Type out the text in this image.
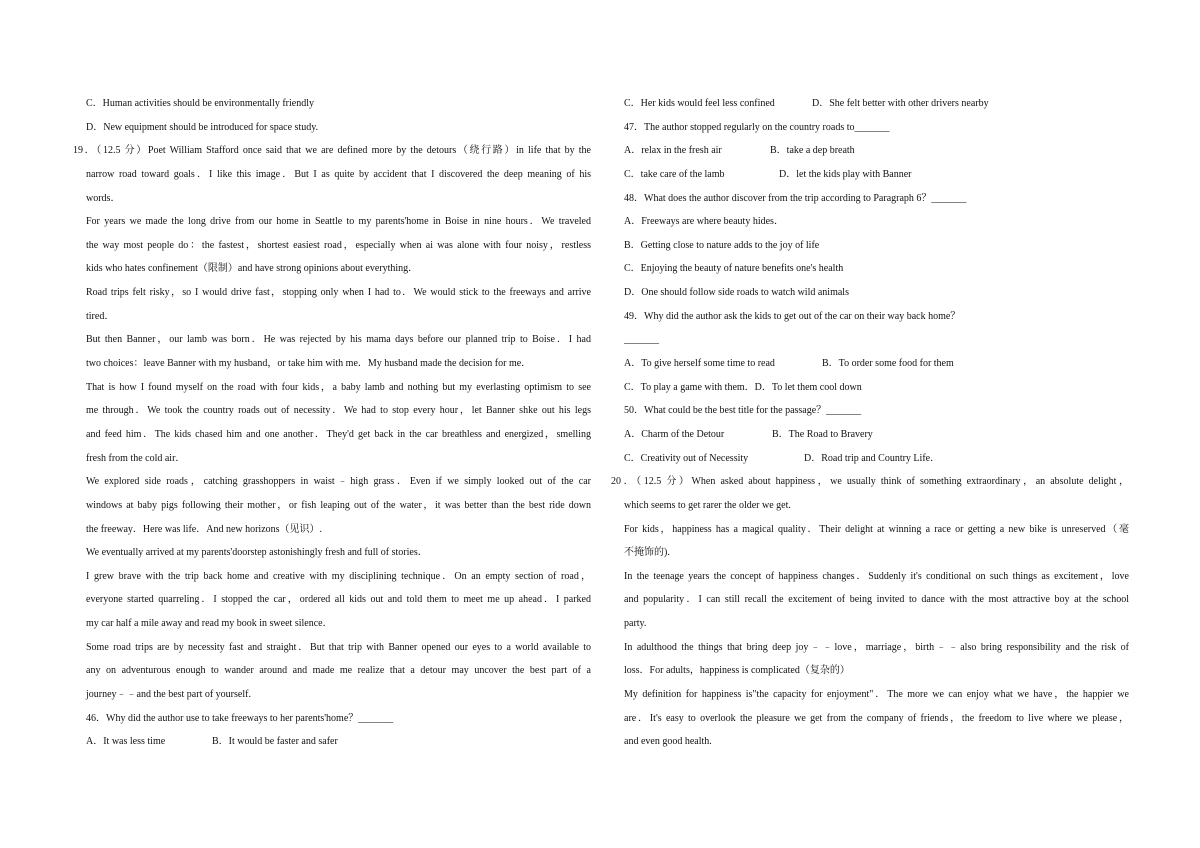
C．Human activities should be environmentally friendly
D．New equipment should be introduced for space study.
19．（12.5 分）Poet William Stafford once said that we are defined more by the detours（绕行路）in life that by the
narrow road toward goals．I like this image．But I as quite by accident that I discovered the deep meaning of his
words．
For years we made the long drive from our home in Seattle to my parents'home in Boise in nine hours．We traveled
the way most people do：the fastest，shortest easiest road，especially when ai was alone with four noisy，restless
kids who hates confinement（限制）and have strong opinions about everything．
Road trips felt risky，so I would drive fast，stopping only when I had to．We would stick to the freeways and arrive
tired．
But then Banner，our lamb was born．He was rejected by his mama days before our planned trip to Boise．I had
two choices：leave Banner with my husband，or take him with me．My husband made the decision for me．
That is how I found myself on the road with four kids，a baby lamb and nothing but my everlasting optimism to see
me through．We took the country roads out of necessity．We had to stop every hour，let Banner shke out his legs
and feed him．The kids chased him and one another．They'd get back in the car breathless and energized，smelling
fresh from the cold air．
We explored side roads，catching grasshoppers in waist﹣high grass．Even if we simply looked out of the car
windows at baby pigs following their mother，or fish leaping out of the water，it was better than the best ride down
the freeway．Here was life．And new horizons（见识）.
We eventually arrived at my parents'doorstep astonishingly fresh and full of stories．
I grew brave with the trip back home and creative with my disciplining technique．On an empty section of road，
everyone started quarreling．I stopped the car，ordered all kids out and told them to meet me up ahead．I parked
my car half a mile away and read my book in sweet silence．
Some road trips are by necessity fast and straight．But that trip with Banner opened our eyes to a world available to
any on adventurous enough to wander around and made me realize that a detour may uncover the best part of a
journey﹣﹣and the best part of yourself.
46．Why did the author use to take freeways to her parents'home？_______
A．It was less time	B．It would be faster and safer
C．Her kids would feel less confined	D．She felt better with other drivers nearby
47．The author stopped regularly on the country roads to_______
A．relax in the fresh air	B．take a dep breath
C．take care of the lamb	D．let the kids play with Banner
48．What does the author discover from the trip according to Paragraph 6？_______
A．Freeways are where beauty hides．
B．Getting close to nature adds to the joy of life
C．Enjoying the beauty of nature benefits one's health
D．One should follow side roads to watch wild animals
49．Why did the author ask the kids to get out of the car on their way back home？
_______
A．To give herself some time to read	B．To order some food for them
C．To play a game with them．D．To let them cool down
50．What could be the best title for the passage？_______
A．Charm of the Detour	B．The Road to Bravery
C．Creativity out of Necessity	D．Road trip and Country Life．
20．（12.5 分）When asked about happiness，we usually think of something extraordinary，an absolute delight，
which seems to get rarer the older we get.
For kids，happiness has a magical quality．Their delight at winning a race or getting a new bike is unreserved（毫
不掩饰的).
In the teenage years the concept of happiness changes．Suddenly it's conditional on such things as excitement，love
and popularity．I can still recall the excitement of being invited to dance with the most attractive boy at the school
party.
In adulthood the things that bring deep joy﹣﹣love，marriage，birth﹣﹣also bring responsibility and the risk of
loss．For adults，happiness is complicated（复杂的）
My definition for happiness is"the capacity for enjoyment"．The more we can enjoy what we have，the happier we
are．It's easy to overlook the pleasure we get from the company of friends，the freedom to live where we please，
and even good health.
